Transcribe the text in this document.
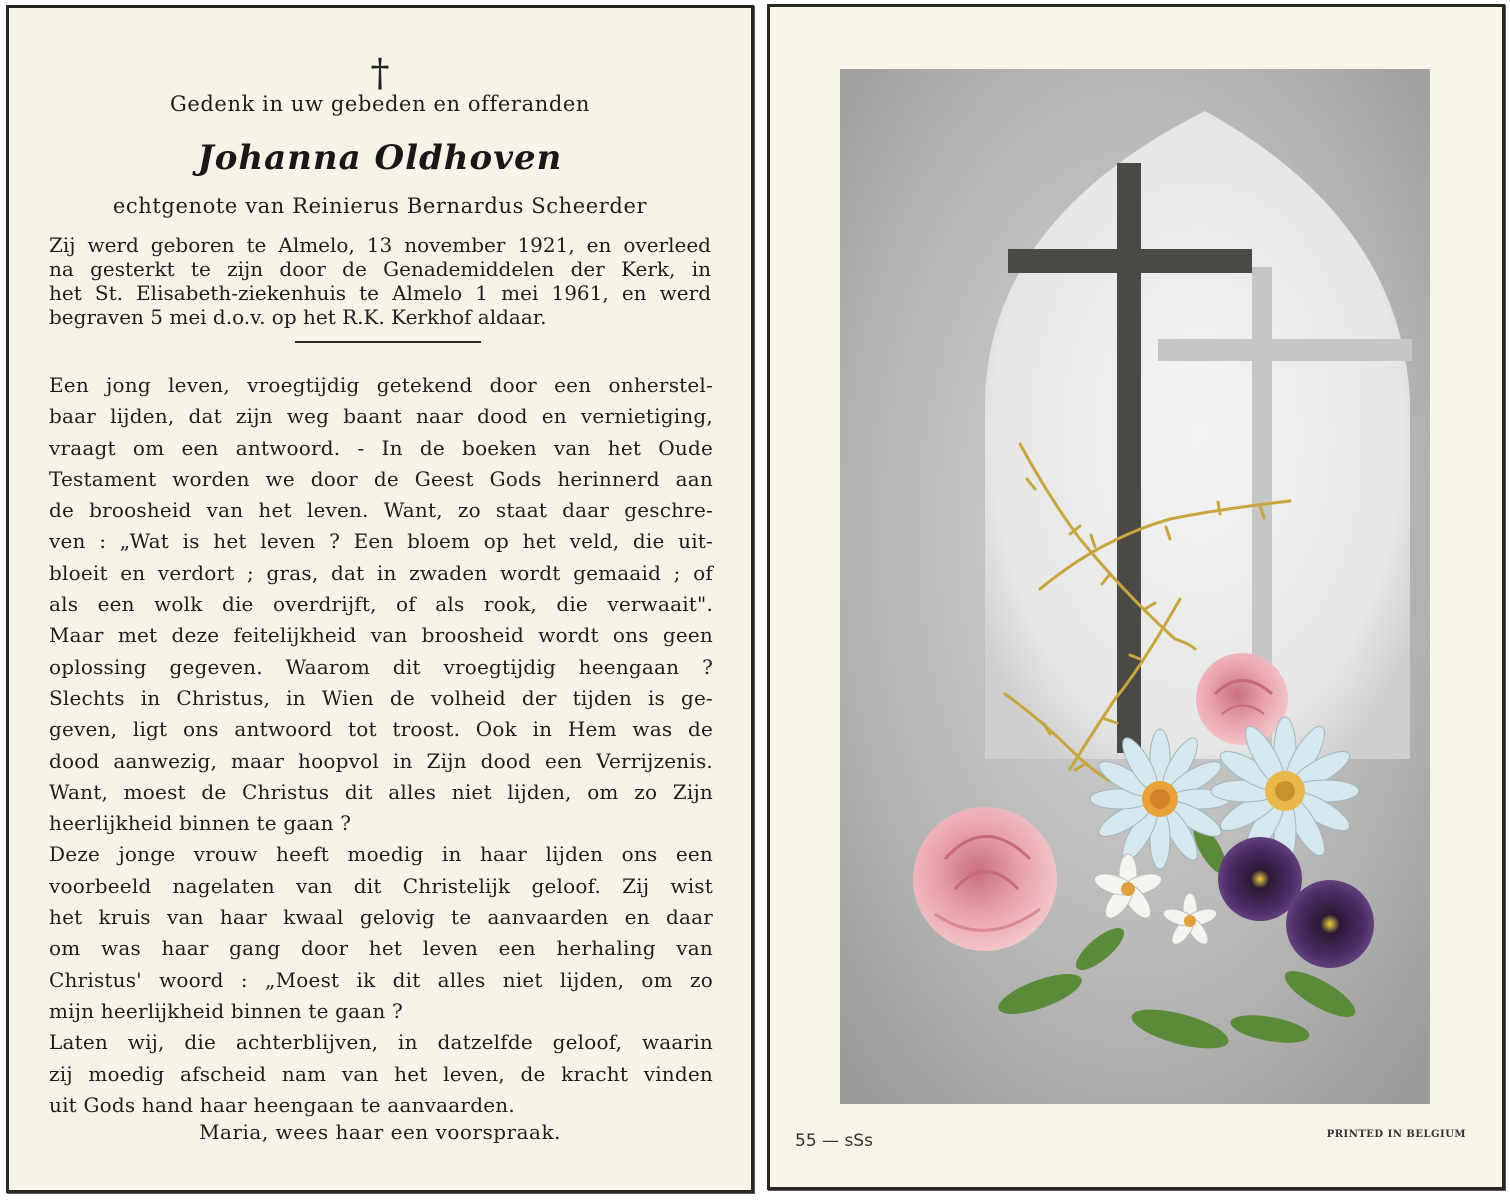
†
Gedenk in uw gebeden en offeranden
Johanna Oldhoven
echtgenote van Reinierus Bernardus Scheerder
Zij werd geboren te Almelo, 13 november 1921, en overleed
na gesterkt te zijn door de Genademiddelen der Kerk, in
het St. Elisabeth-ziekenhuis te Almelo 1 mei 1961, en werd
begraven 5 mei d.o.v. op het R.K. Kerkhof aldaar.
Een jong leven, vroegtijdig getekend door een onherstel-
baar lijden, dat zijn weg baant naar dood en vernietiging,
vraagt om een antwoord. - In de boeken van het Oude
Testament worden we door de Geest Gods herinnerd aan
de broosheid van het leven. Want, zo staat daar geschre-
ven : „Wat is het leven ? Een bloem op het veld, die uit-
bloeit en verdort ; gras, dat in zwaden wordt gemaaid ; of
als een wolk die overdrijft, of als rook, die verwaait".
Maar met deze feitelijkheid van broosheid wordt ons geen
oplossing gegeven. Waarom dit vroegtijdig heengaan ?
Slechts in Christus, in Wien de volheid der tijden is ge-
geven, ligt ons antwoord tot troost. Ook in Hem was de
dood aanwezig, maar hoopvol in Zijn dood een Verrijzenis.
Want, moest de Christus dit alles niet lijden, om zo Zijn
heerlijkheid binnen te gaan ?
Deze jonge vrouw heeft moedig in haar lijden ons een
voorbeeld nagelaten van dit Christelijk geloof. Zij wist
het kruis van haar kwaal gelovig te aanvaarden en daar
om was haar gang door het leven een herhaling van
Christus' woord : „Moest ik dit alles niet lijden, om zo
mijn heerlijkheid binnen te gaan ?
Laten wij, die achterblijven, in datzelfde geloof, waarin
zij moedig afscheid nam van het leven, de kracht vinden
uit Gods hand haar heengaan te aanvaarden.
Maria, wees haar een voorspraak.	55 — sSs	PRINTED IN BELGIUM
